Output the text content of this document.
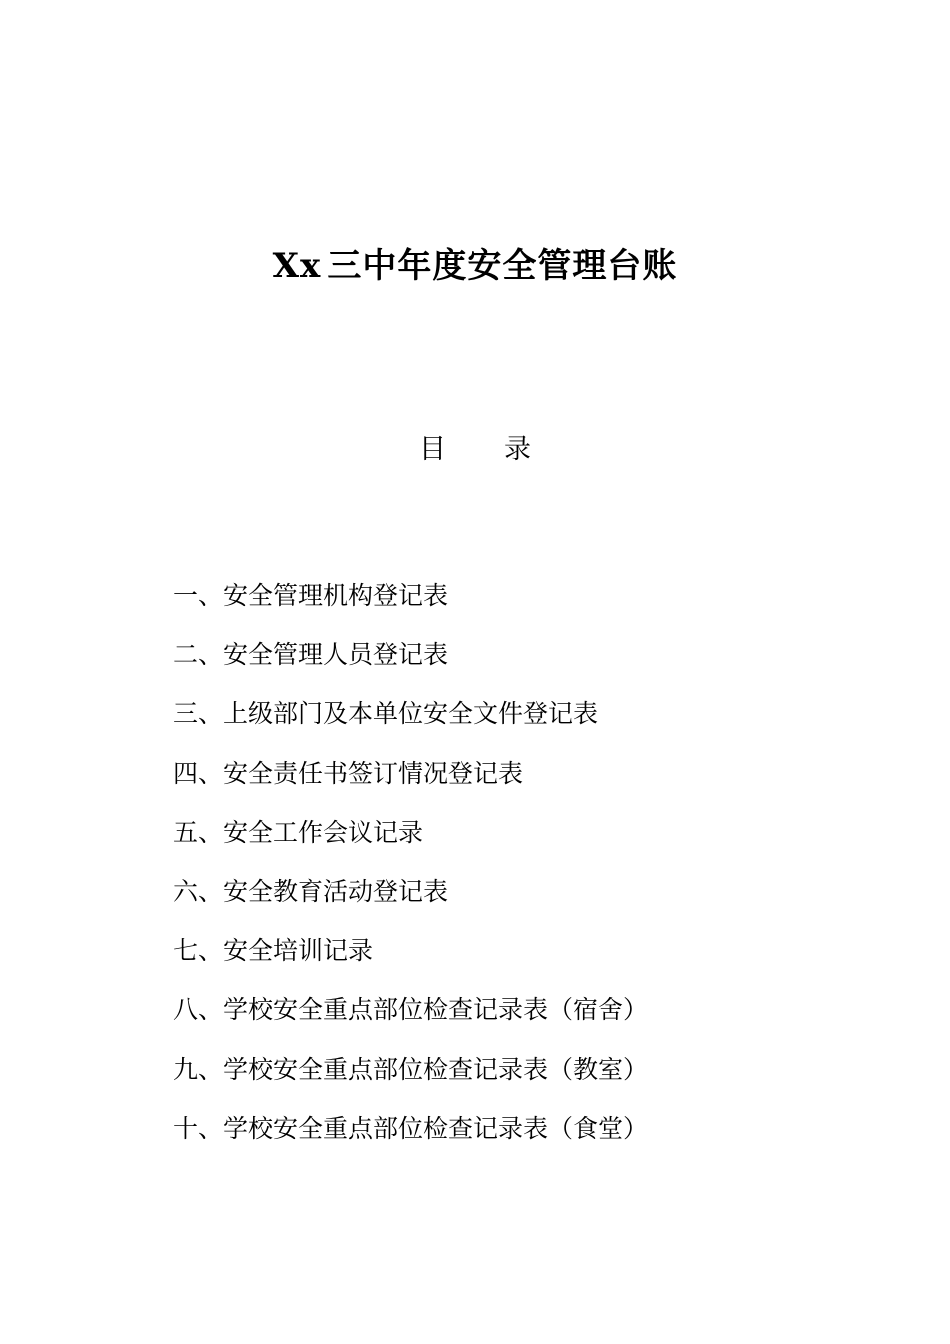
Xx 三中年度安全管理台账
目 录
一、安全管理机构登记表
二、安全管理人员登记表
三、上级部门及本单位安全文件登记表
四、安全责任书签订情况登记表
五、安全工作会议记录
六、安全教育活动登记表
七、安全培训记录
八、学校安全重点部位检查记录表（宿舍）
九、学校安全重点部位检查记录表（教室）
十、学校安全重点部位检查记录表（食堂）
